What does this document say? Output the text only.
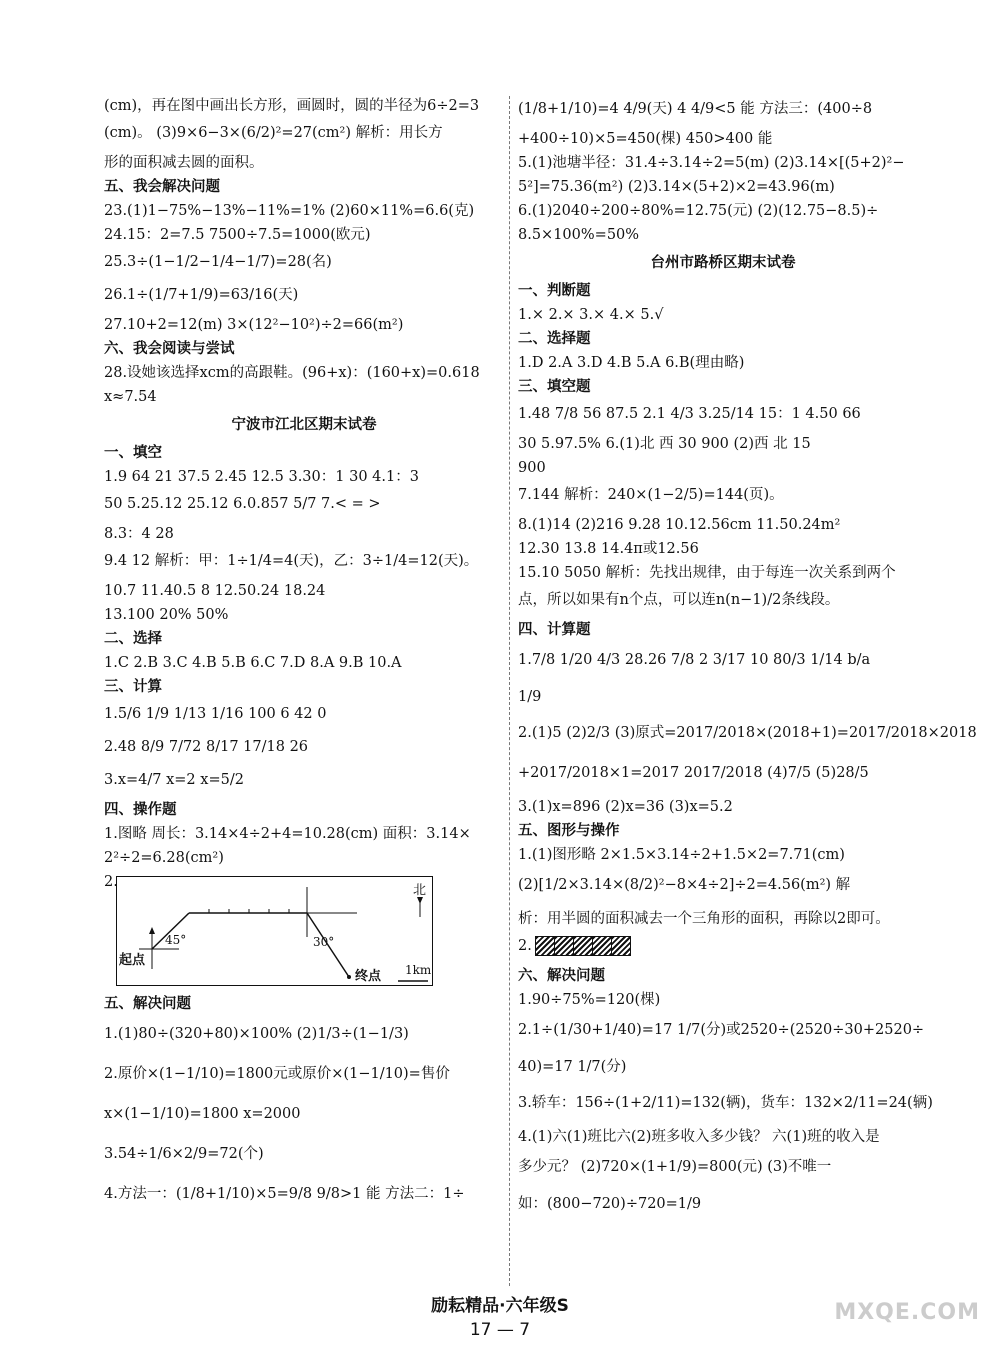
(cm)，再在图中画出长方形，画圆时，圆的半径为6÷2=3
(cm)。 (3)9×6−3×(6/2)²=27(cm²) 解析：用长方
形的面积减去圆的面积。
五、我会解决问题
23.(1)1−75%−13%−11%=1% (2)60×11%=6.6(克)
24.15：2=7.5 7500÷7.5=1000(欧元)
25.3÷(1−1/2−1/4−1/7)=28(名)
26.1÷(1/7+1/9)=63/16(天)
27.10+2=12(m) 3×(12²−10²)÷2=66(m²)
六、我会阅读与尝试
28.设她该选择xcm的高跟鞋。(96+x)：(160+x)=0.618
x≈7.54
宁波市江北区期末试卷
一、填空
1.9 64 21 37.5 2.45 12.5 3.30：1 30 4.1：3
50 5.25.12 25.12 6.0.857 5/7 7.< = >
8.3：4 28
9.4 12 解析：甲：1÷1/4=4(天)，乙：3÷1/4=12(天)。
10.7 11.40.5 8 12.50.24 18.24
13.100 20% 50%
二、选择
1.C 2.B 3.C 4.B 5.B 6.C 7.D 8.A 9.B 10.A
三、计算
1.5/6 1/9 1/13 1/16 100 6 42 0
2.48 8/9 7/72 8/17 17/18 26
3.x=4/7 x=2 x=5/2
四、操作题
1.图略 周长：3.14×4÷2+4=10.28(cm) 面积：3.14×
2²÷2=6.28(cm²)
2.
北
起点
终点
45°	30°
1km
五、解决问题
1.(1)80÷(320+80)×100% (2)1/3÷(1−1/3)
2.原价×(1−1/10)=1800元或原价×(1−1/10)=售价
x×(1−1/10)=1800 x=2000
3.54÷1/6×2/9=72(个)
4.方法一：(1/8+1/10)×5=9/8 9/8>1 能 方法二：1÷
(1/8+1/10)=4 4/9(天) 4 4/9<5 能 方法三：(400÷8
+400÷10)×5=450(棵) 450>400 能
5.(1)池塘半径：31.4÷3.14÷2=5(m) (2)3.14×[(5+2)²−
5²]=75.36(m²) (2)3.14×(5+2)×2=43.96(m)
6.(1)2040÷200÷80%=12.75(元) (2)(12.75−8.5)÷
8.5×100%=50%
台州市路桥区期末试卷
一、判断题
1.× 2.× 3.× 4.× 5.√
二、选择题
1.D 2.A 3.D 4.B 5.A 6.B(理由略)
三、填空题
1.48 7/8 56 87.5 2.1 4/3 3.25/14 15：1 4.50 66
30 5.97.5% 6.(1)北 西 30 900 (2)西 北 15
900
7.144 解析：240×(1−2/5)=144(页)。
8.(1)14 (2)216 9.28 10.12.56cm 11.50.24m²
12.30 13.8 14.4π或12.56
15.10 5050 解析：先找出规律，由于每连一次关系到两个
点，所以如果有n个点，可以连n(n−1)/2条线段。
四、计算题
1.7/8 1/20 4/3 28.26 7/8 2 3/17 10 80/3 1/14 b/a
1/9
2.(1)5 (2)2/3 (3)原式=2017/2018×(2018+1)=2017/2018×2018
+2017/2018×1=2017 2017/2018 (4)7/5 (5)28/5
3.(1)x=896 (2)x=36 (3)x=5.2
五、图形与操作
1.(1)图形略 2×1.5×3.14÷2+1.5×2=7.71(cm)
(2)[1/2×3.14×(8/2)²−8×4÷2]÷2=4.56(m²) 解
析：用半圆的面积减去一个三角形的面积，再除以2即可。
2.
六、解决问题
1.90÷75%=120(棵)
2.1÷(1/30+1/40)=17 1/7(分)或2520÷(2520÷30+2520÷
40)=17 1/7(分)
3.轿车：156÷(1+2/11)=132(辆)，货车：132×2/11=24(辆)
4.(1)六(1)班比六(2)班多收入多少钱？ 六(1)班的收入是
多少元？ (2)720×(1+1/9)=800(元) (3)不唯一
如：(800−720)÷720=1/9
励耘精品·六年级S
17 — 7
MXQE.COM
